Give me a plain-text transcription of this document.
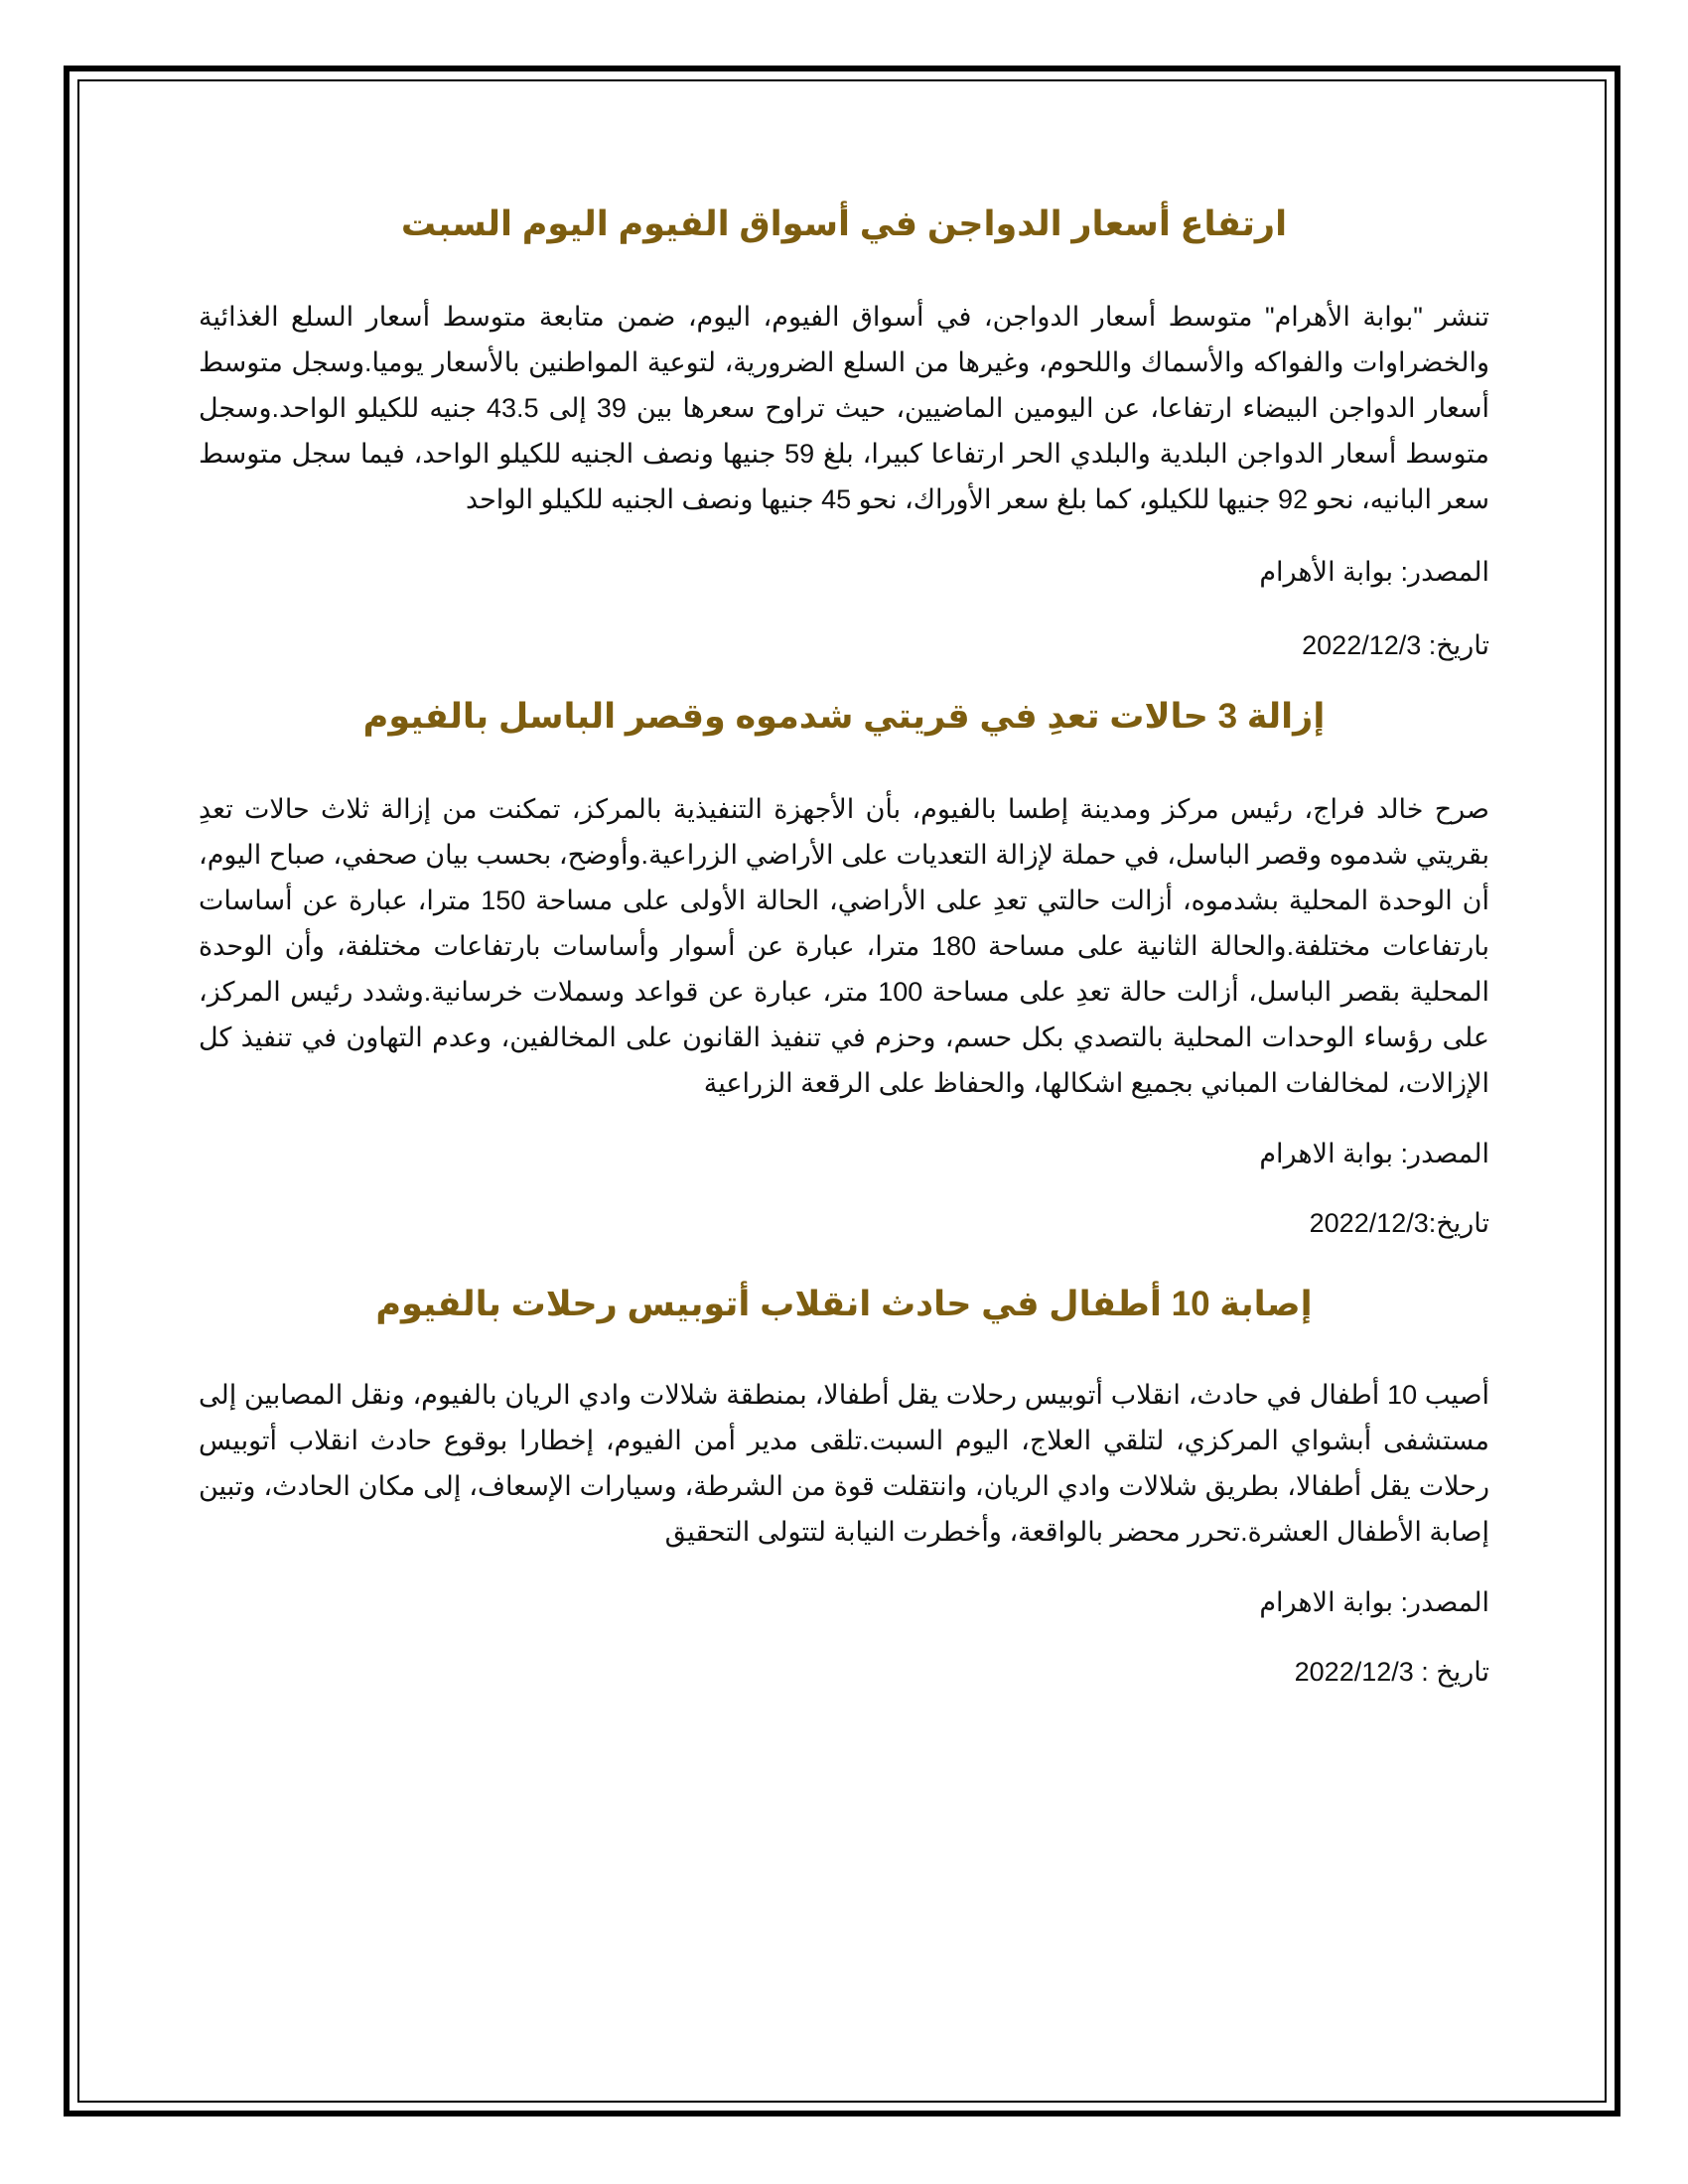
ارتفاع أسعار الدواجن في أسواق الفيوم اليوم السبت

تنشر "بوابة الأهرام" متوسط أسعار الدواجن، في أسواق الفيوم، اليوم، ضمن متابعة متوسط أسعار السلع الغذائية والخضراوات والفواكه والأسماك واللحوم، وغيرها من السلع الضرورية، لتوعية المواطنين بالأسعار يوميا.وسجل متوسط أسعار الدواجن البيضاء ارتفاعا، عن اليومين الماضيين، حيث تراوح سعرها بين 39 إلى 43.5 جنيه للكيلو الواحد.وسجل متوسط أسعار الدواجن البلدية والبلدي الحر ارتفاعا كبيرا، بلغ 59 جنيها ونصف الجنيه للكيلو الواحد، فيما سجل متوسط سعر البانيه، نحو 92 جنيها للكيلو، كما بلغ سعر الأوراك، نحو 45 جنيها ونصف الجنيه للكيلو الواحد

المصدر: بوابة الأهرام

تاريخ: 2022/12/3

إزالة 3 حالات تعدِ في قريتي شدموه وقصر الباسل بالفيوم

صرح خالد فراج، رئيس مركز ومدينة إطسا بالفيوم، بأن الأجهزة التنفيذية بالمركز، تمكنت من إزالة ثلاث حالات تعدِ بقريتي شدموه وقصر الباسل، في حملة لإزالة التعديات على الأراضي الزراعية.وأوضح، بحسب بيان صحفي، صباح اليوم، أن الوحدة المحلية بشدموه، أزالت حالتي تعدِ على الأراضي، الحالة الأولى على مساحة 150 مترا، عبارة عن أساسات بارتفاعات مختلفة.والحالة الثانية على مساحة 180 مترا، عبارة عن أسوار وأساسات بارتفاعات مختلفة، وأن الوحدة المحلية بقصر الباسل، أزالت حالة تعدِ على مساحة 100 متر، عبارة عن قواعد وسملات خرسانية.وشدد رئيس المركز، على رؤساء الوحدات المحلية بالتصدي بكل حسم، وحزم في تنفيذ القانون على المخالفين، وعدم التهاون في تنفيذ كل الإزالات، لمخالفات المباني بجميع اشكالها، والحفاظ على الرقعة الزراعية

المصدر: بوابة الاهرام

تاريخ:2022/12/3

إصابة 10 أطفال في حادث انقلاب أتوبيس رحلات بالفيوم

أصيب 10 أطفال في حادث، انقلاب أتوبيس رحلات يقل أطفالا، بمنطقة شلالات وادي الريان بالفيوم، ونقل المصابين إلى مستشفى أبشواي المركزي، لتلقي العلاج، اليوم السبت.تلقى مدير أمن الفيوم، إخطارا بوقوع حادث انقلاب أتوبيس رحلات يقل أطفالا، بطريق شلالات وادي الريان، وانتقلت قوة من الشرطة، وسيارات الإسعاف، إلى مكان الحادث، وتبين إصابة الأطفال العشرة.تحرر محضر بالواقعة، وأخطرت النيابة لتتولى التحقيق

المصدر: بوابة الاهرام

تاريخ : 2022/12/3
